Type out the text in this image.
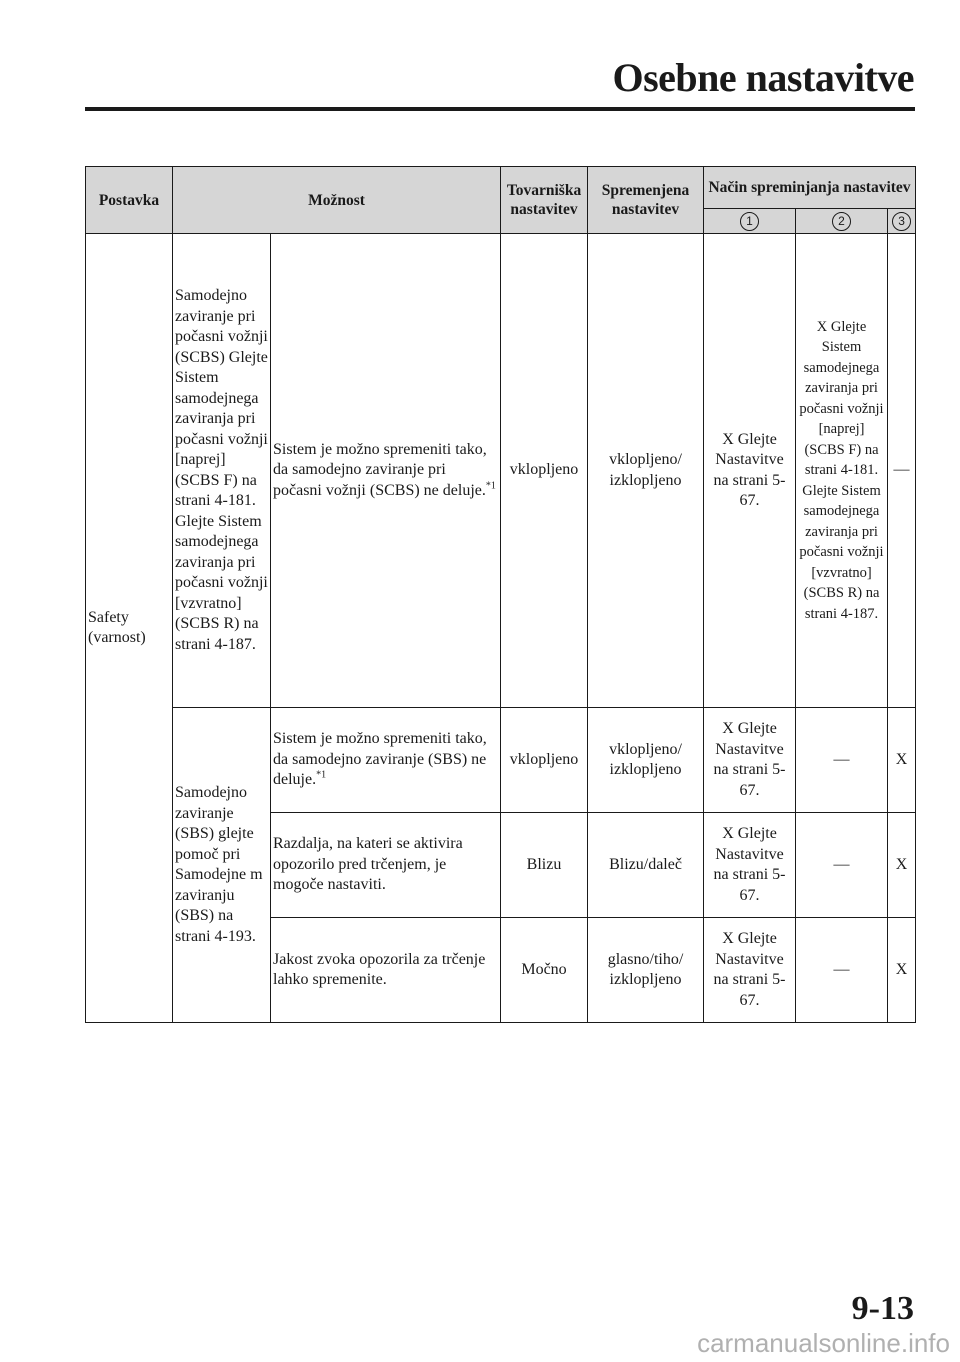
Osebne nastavitve
Postavka	Možnost		Tovarniška nastavitev	Spremenjena nastavitev	Način spreminjanja nastavitev		
					1	2	3
Safety (varnost)	Samodejno zaviranje pri počasni vožnji (SCBS) Glejte Sistem samodejnega zaviranja pri počasni vožnji [naprej] (SCBS F) na strani 4-181. Glejte Sistem samodejnega zaviranja pri počasni vožnji [vzvratno] (SCBS R) na strani 4-187.	Sistem je možno spremeniti tako, da samodejno zaviranje pri počasni vožnji (SCBS) ne deluje.$^{*1}$	vklopljeno	vklopljeno/ izklopljeno	X Glejte Nastavitve na strani 5-67.	X Glejte Sistem samodejnega zaviranja pri počasni vožnji [naprej] (SCBS F) na strani 4-181. Glejte Sistem samodejnega zaviranja pri počasni vožnji [vzvratno] (SCBS R) na strani 4-187.	—
	Samodejno zaviranje (SBS) glejte pomoč pri Samodejne m zaviranju (SBS) na strani 4-193.	Sistem je možno spremeniti tako, da samodejno zaviranje (SBS) ne deluje.$^{*1}$	vklopljeno	vklopljeno/ izklopljeno	X Glejte Nastavitve na strani 5-67.	—	X
		Razdalja, na kateri se aktivira opozorilo pred trčenjem, je mogoče nastaviti.	Blizu	Blizu/daleč	X Glejte Nastavitve na strani 5-67.	—	X
		Jakost zvoka opozorila za trčenje lahko spremenite.	Močno	glasno/tiho/ izklopljeno	X Glejte Nastavitve na strani 5-67.	—	X
9-13
carmanualsonline.info
